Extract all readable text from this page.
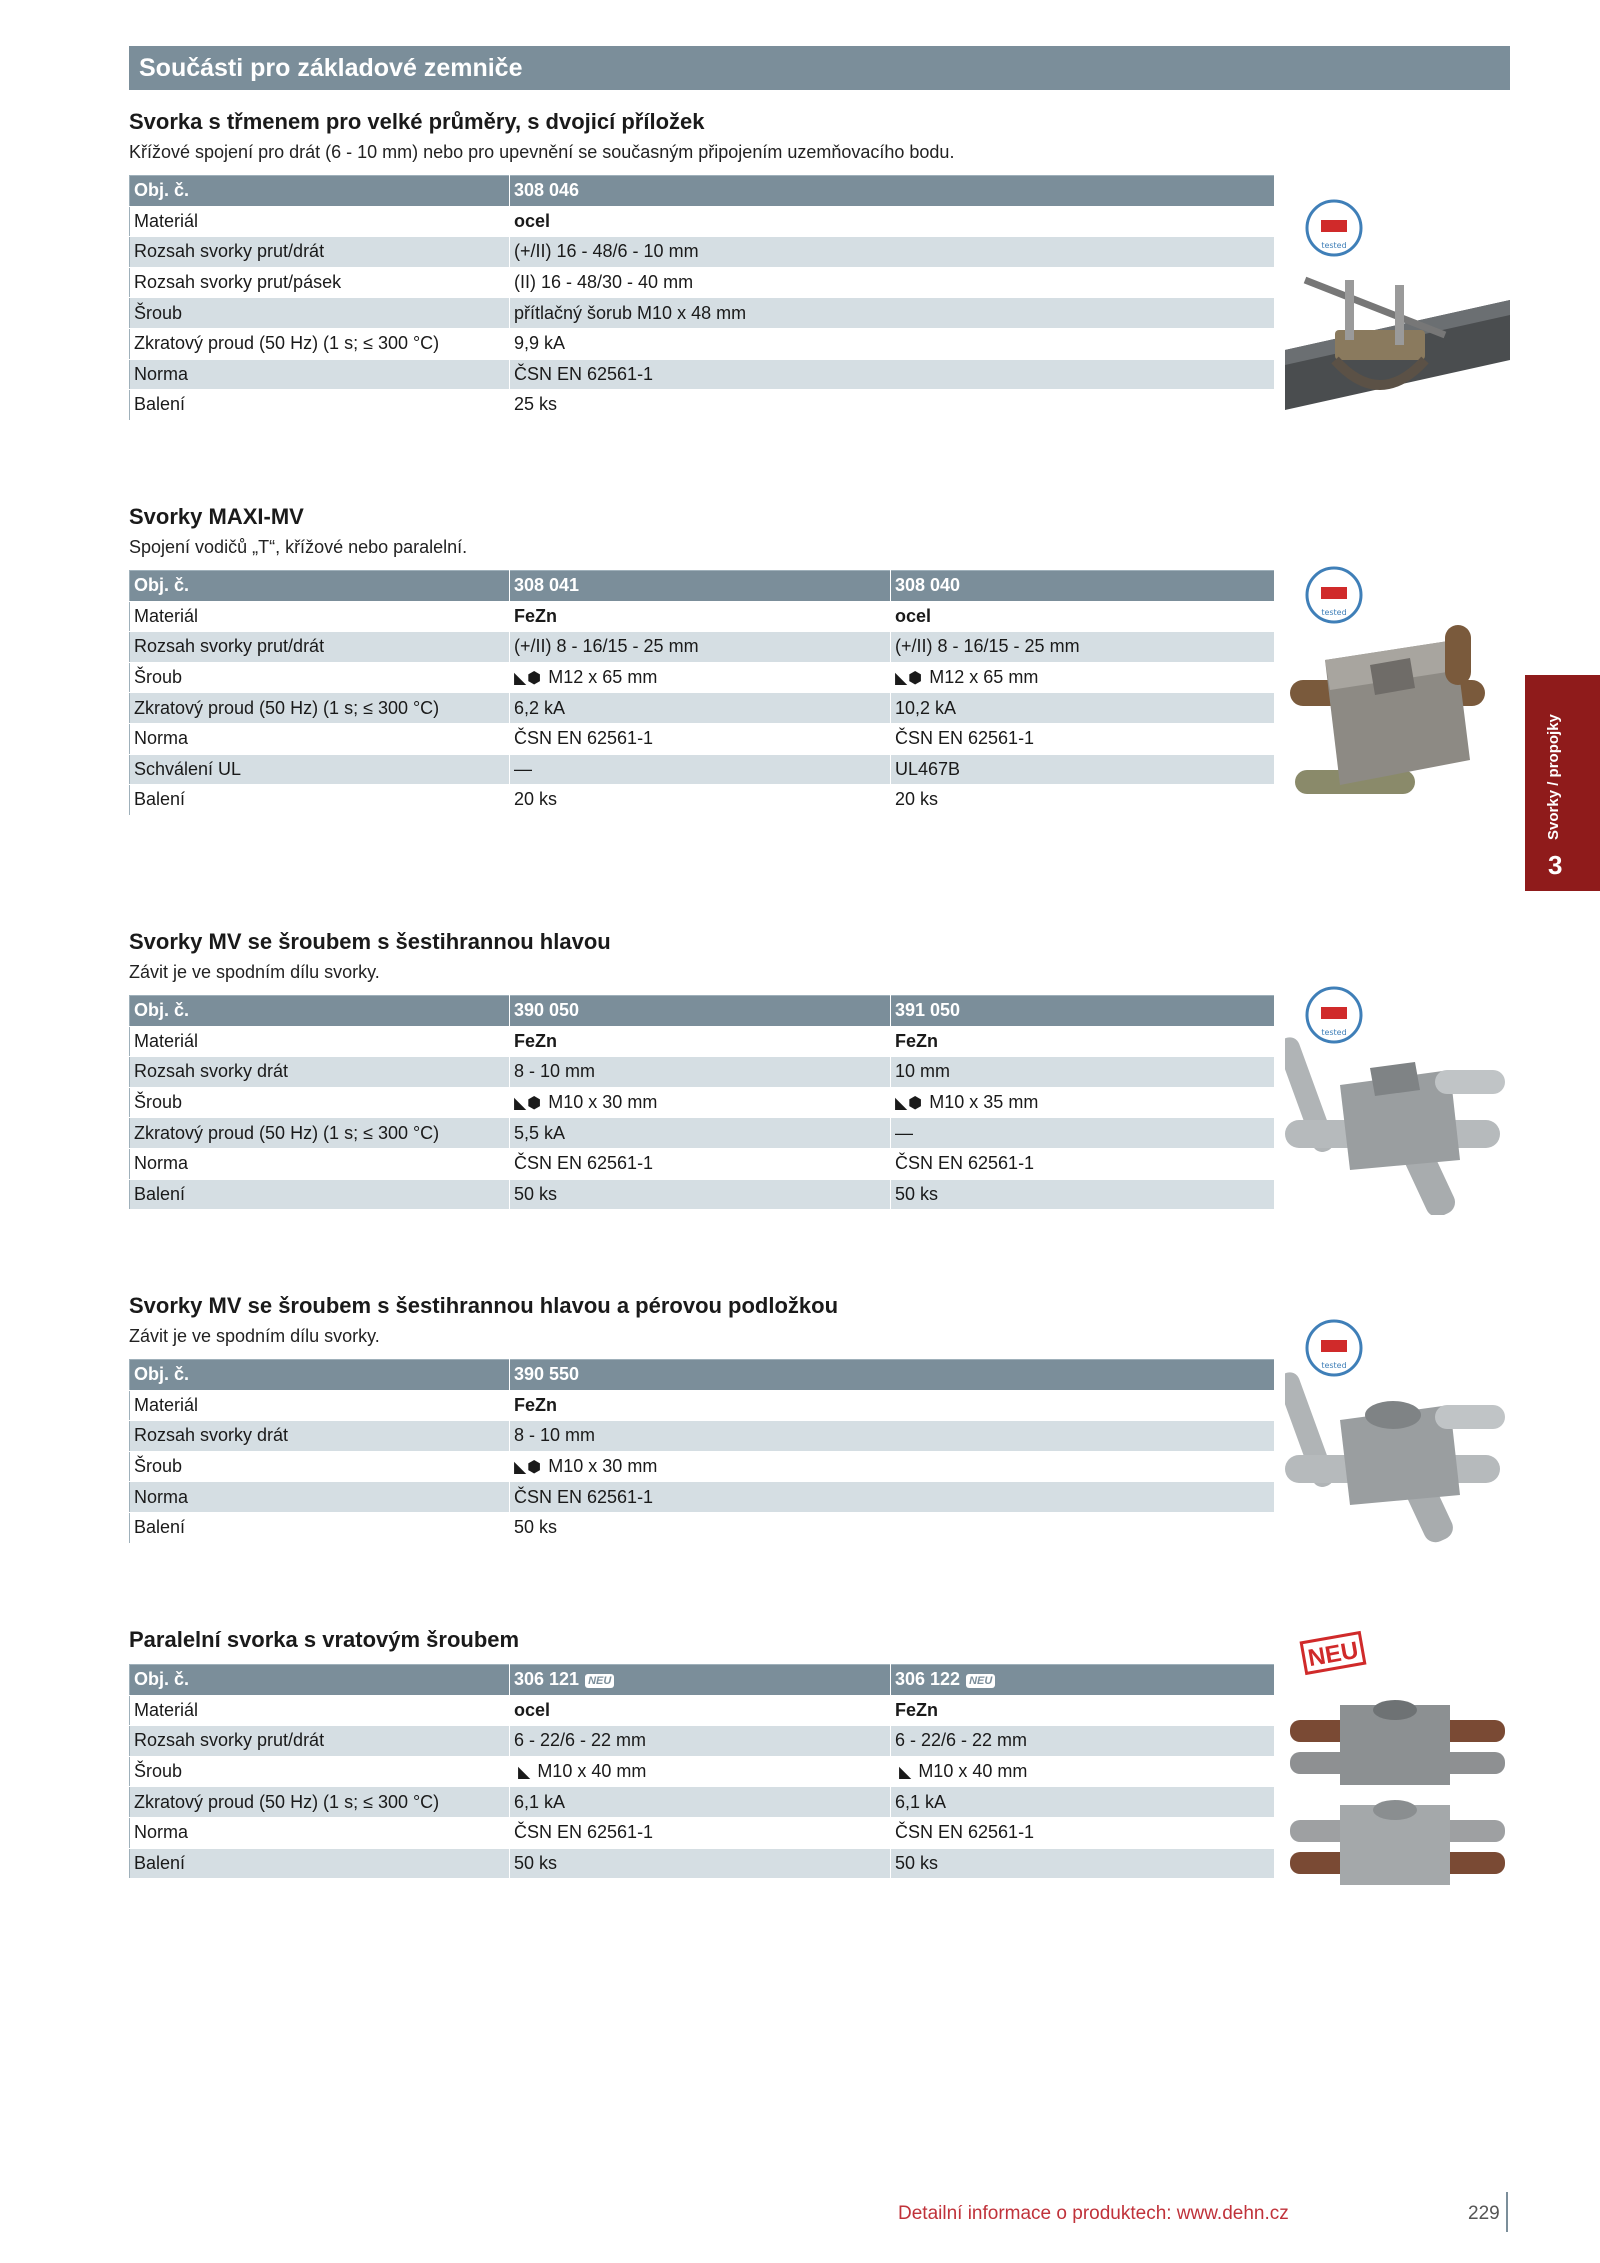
Součásti pro základové zemniče

Svorka s třmenem pro velké průměry, s dvojicí příložek

Křížové spojení pro drát (6 - 10 mm) nebo pro upevnění se současným připojením uzemňovacího bodu.

Obj. č.	308 046
Materiál	ocel
Rozsah svorky prut/drát	(+/II) 16 - 48/6 - 10 mm
Rozsah svorky prut/pásek	(II) 16 - 48/30 - 40 mm
Šroub	přítlačný šorub M10 x 48 mm
Zkratový proud (50 Hz) (1 s; ≤ 300 °C)	9,9 kA
Norma	ČSN EN 62561-1
Balení	25 ks

Svorky MAXI-MV

Spojení vodičů „T“, křížové nebo paralelní.

Obj. č.	308 041	308 040
Materiál	FeZn	ocel
Rozsah svorky prut/drát	(+/II) 8 - 16/15 - 25 mm	(+/II) 8 - 16/15 - 25 mm
Šroub	◣⬢ M12 x 65 mm	◣⬢ M12 x 65 mm
Zkratový proud (50 Hz) (1 s; ≤ 300 °C)	6,2 kA	10,2 kA
Norma	ČSN EN 62561-1	ČSN EN 62561-1
Schválení UL	—	UL467B
Balení	20 ks	20 ks

Svorky MV se šroubem s šestihrannou hlavou

Závit je ve spodním dílu svorky.

Obj. č.	390 050	391 050
Materiál	FeZn	FeZn
Rozsah svorky drát	8 - 10 mm	10 mm
Šroub	◣⬢ M10 x 30 mm	◣⬢ M10 x 35 mm
Zkratový proud (50 Hz) (1 s; ≤ 300 °C)	5,5 kA	—
Norma	ČSN EN 62561-1	ČSN EN 62561-1
Balení	50 ks	50 ks

Svorky MV se šroubem s šestihrannou hlavou a pérovou podložkou

Závit je ve spodním dílu svorky.

Obj. č.	390 550
Materiál	FeZn
Rozsah svorky drát	8 - 10 mm
Šroub	◣⬢ M10 x 30 mm
Norma	ČSN EN 62561-1
Balení	50 ks

Paralelní svorka s vratovým šroubem

Obj. č.	306 121 NEU	306 122 NEU
Materiál	ocel	FeZn
Rozsah svorky prut/drát	6 - 22/6 - 22 mm	6 - 22/6 - 22 mm
Šroub	◣ M10 x 40 mm	◣ M10 x 40 mm
Zkratový proud (50 Hz) (1 s; ≤ 300 °C)	6,1 kA	6,1 kA
Norma	ČSN EN 62561-1	ČSN EN 62561-1
Balení	50 ks	50 ks
tested
tested
tested
tested
NEU
Svorky / propojky
3
Detailní informace o produktech: www.dehn.cz	229
